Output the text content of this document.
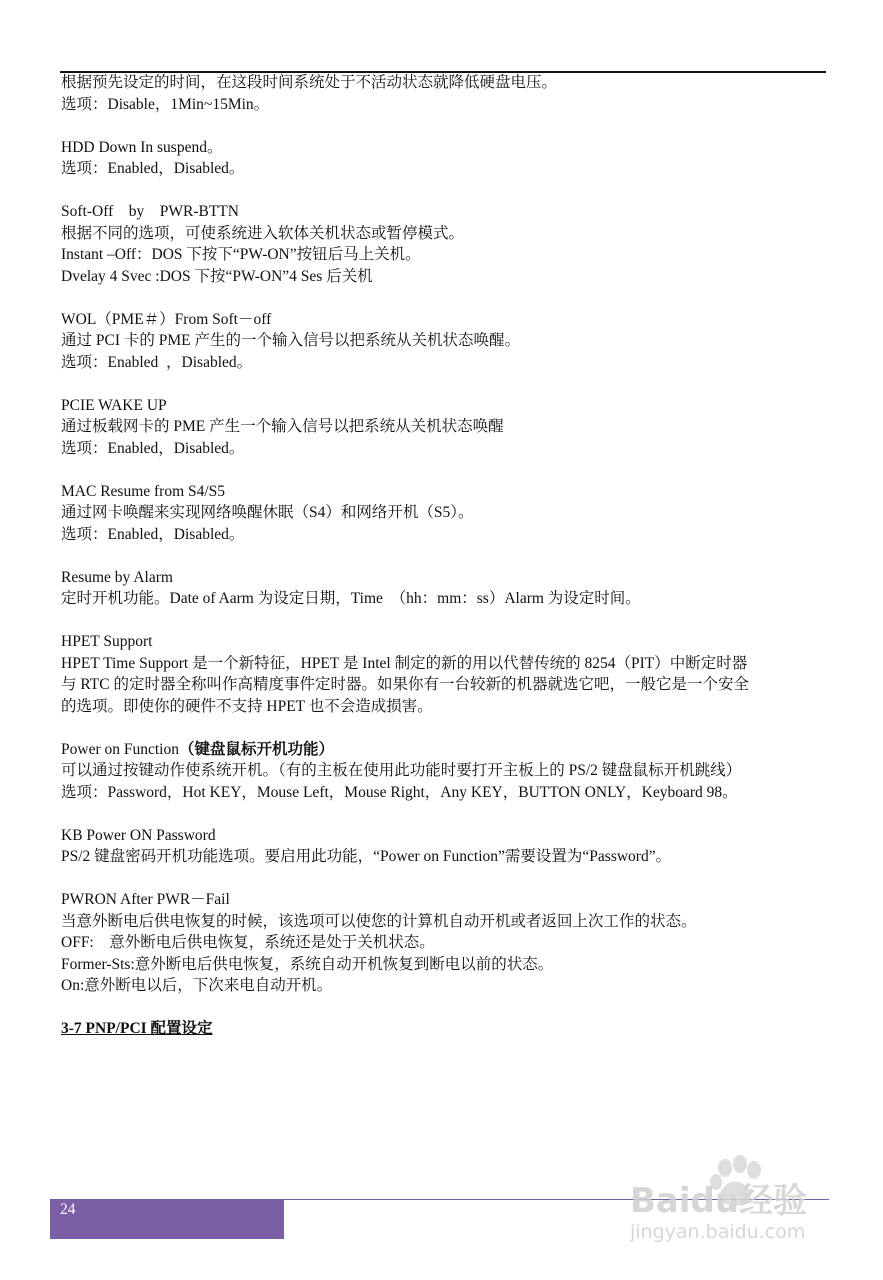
根据预先设定的时间，在这段时间系统处于不活动状态就降低硬盘电压。
选项：Disable，1Min~15Min。
HDD Down In suspend。
选项：Enabled，Disabled。
Soft-Off    by    PWR-BTTN
根据不同的选项，可使系统进入软体关机状态或暂停模式。
Instant –Off：DOS 下按下“PW-ON”按钮后马上关机。
Dvelay 4 Svec :DOS 下按“PW-ON”4 Ses 后关机
WOL（PME＃）From Soft－off
通过 PCI 卡的 PME 产生的一个输入信号以把系统从关机状态唤醒。
选项：Enabled  ，Disabled。
PCIE WAKE UP
通过板载网卡的 PME 产生一个输入信号以把系统从关机状态唤醒
选项：Enabled，Disabled。
MAC Resume from S4/S5
通过网卡唤醒来实现网络唤醒休眠（S4）和网络开机（S5）。
选项：Enabled，Disabled。
Resume by Alarm
定时开机功能。Date of Aarm 为设定日期，Time  （hh：mm：ss）Alarm 为设定时间。
HPET Support
HPET Time Support 是一个新特征，HPET 是 Intel 制定的新的用以代替传统的 8254（PIT）中断定时器
与 RTC 的定时器全称叫作高精度事件定时器。如果你有一台较新的机器就选它吧，一般它是一个安全
的选项。即使你的硬件不支持 HPET 也不会造成损害。
Power on Function（键盘鼠标开机功能）
可以通过按键动作使系统开机。（有的主板在使用此功能时要打开主板上的 PS/2 键盘鼠标开机跳线）
选项：Password，Hot KEY，Mouse Left，Mouse Right，Any KEY，BUTTON ONLY，Keyboard 98。
KB Power ON Password
PS/2 键盘密码开机功能选项。要启用此功能，“Power on Function”需要设置为“Password”。
PWRON After PWR－Fail
当意外断电后供电恢复的时候，该选项可以使您的计算机自动开机或者返回上次工作的状态。
OFF:    意外断电后供电恢复，系统还是处于关机状态。
Former-Sts:意外断电后供电恢复，系统自动开机恢复到断电以前的状态。
On:意外断电以后，下次来电自动开机。
3-7 PNP/PCI 配置设定
24	Baidu经验
jingyan.baidu.com
